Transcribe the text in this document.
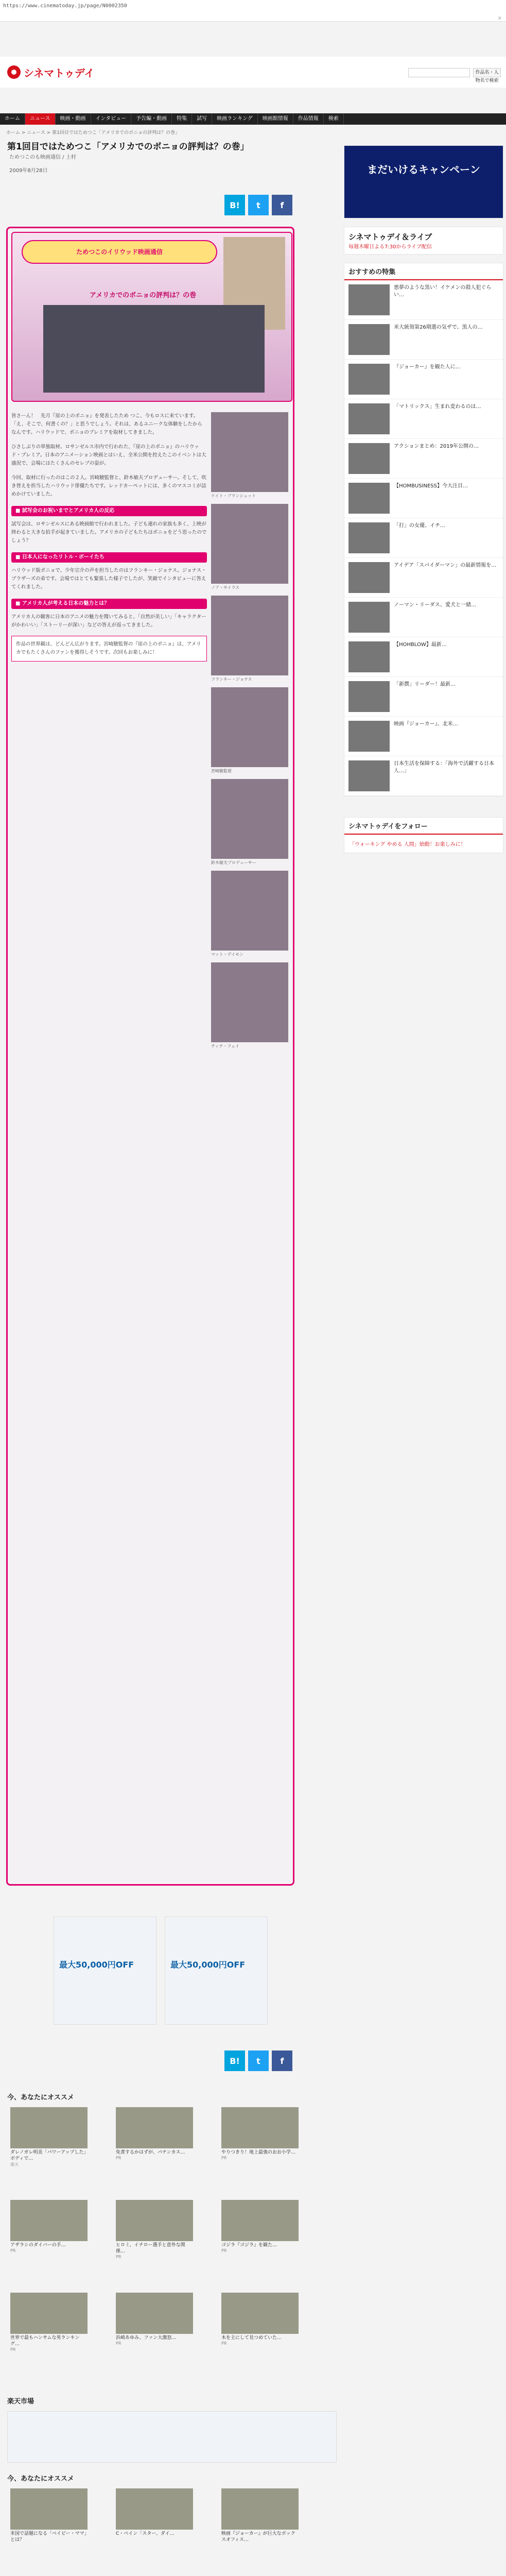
https://www.cinematoday.jp/page/N0002350
×
シネマトゥデイ	作品名・人物名で検索
ホーム	ニュース	映画・動画	インタビュー	予告編・動画	特集	試写	映画ランキング	映画館情報	作品情報	検索
ホーム > ニュース > 第1回目ではためつこ「アメリカでのボニョの評判は？の巻」
第1回目ではためつこ「アメリカでのボニョの評判は？の巻」
ためつこのも映画通信 / 上村
2009年8月28日
B!	t	f
ためつこのイリウッド映画通信
アメリカでのボニョの評判は？の巻

皆さーん！　先月『崖の上のポニョ』を発表したため つこ、今もロスに来ています。「え、そこで、何書くの？」と思うでしょう。それは、あるユニークな体験をしたからなんです。ハリウッドで、ポニョのプレミアを取材してきました。

ひさしぶりの単独取材。ロサンゼルス市内で行われた、『崖の上のポニョ』のハリウッド・プレミア。日本のアニメーション映画とはいえ、全米公開を控えたこのイベントは大盛況で、会場にはたくさんのセレブの姿が。

今回、取材に行ったのはこの２人。宮崎駿監督と、鈴木敏夫プロデューサー。そして、吹き替えを担当したハリウッド俳優たちです。レッドカーペットには、多くのマスコミが詰めかけていました。

■ 試写会のお祝いまでとアメリカ人の反応

試写会は、ロサンゼルスにある映画館で行われました。子ども連れの家族も多く、上映が終わると大きな拍手が起きていました。アメリカの子どもたちはポニョをどう思ったのでしょう？

■ 日本人になったリトル・ボーイたち

ハリウッド版ポニョで、少年宗介の声を担当したのはフランキー・ジョナス。ジョナス・ブラザーズの弟です。会場ではとても緊張した様子でしたが、笑顔でインタビューに答えてくれました。

■ アメリカ人が考える日本の魅力とは？

アメリカ人の観客に日本のアニメの魅力を聞いてみると、「自然が美しい」「キャラクターがかわいい」「ストーリーが深い」などの答えが返ってきました。

作品の世界観は、どんどん広がります。宮崎駿監督の『崖の上のポニョ』は、アメリカでもたくさんのファンを獲得しそうです。次回もお楽しみに！
ケイト・ブランシェット
ノア・サイラス
フランキー・ジョナス
宮崎駿監督
鈴木敏夫プロデューサー
マット・デイモン
ティナ・フェイ
最大50,000円OFF	最大50,000円OFF
B!	t	f
今、あなたにオススメ
ダレノガレ明美「パワーアップした」ボディで…
楽天
免責するかはずが、パチンカス…
PR
やりつきり！地上最強のおお小学…
PR
アザラシのダイバーの手…
PR
ヒロミ、イチロー選手と意外な関係…
PR
ゴジラ『ゴジラ』を観た…
PR
世界で最もハンサムな男ランキング…
PR
浜崎あゆみ、ファン大激怒…
PR
木を主にして見つめていた…
PR
楽天市場
今、あなたにオススメ
米国で話題になる「ベイビー・ママ」とは？
C・ベイン「スター、ダイ…	映画『ジョーカー』が巨大なボックスオフィス…
まだいけるキャンペーン
シネマトゥデイ＆ライブ
毎週木曜日よる7:30からライブ配信
おすすめの特集
悪夢のような黒い！イケメンの殺人犯ぐらい…
米大統領第26期選の気ザで、黒人の…
『ジョーカー』を観た人に…
「マトリックス」生まれ変わるのは…
アクションまとめ：2019年公開の…
【HOMBUSINESS】今大注目…
「打」の女優、イチ…
アイデア「スパイダーマン」の最新情報を…
ノーマン・リーダス、愛犬と一緒…
【HOHBLOW】最新…
「新撰」リーダー！最新…
映画『ジョーカー』、北米…
日本生活を保障する：「海外で活躍する日本人…」
シネマトゥデイをフォロー
「ウォーキング やめる 人間」始動！お楽しみに！
